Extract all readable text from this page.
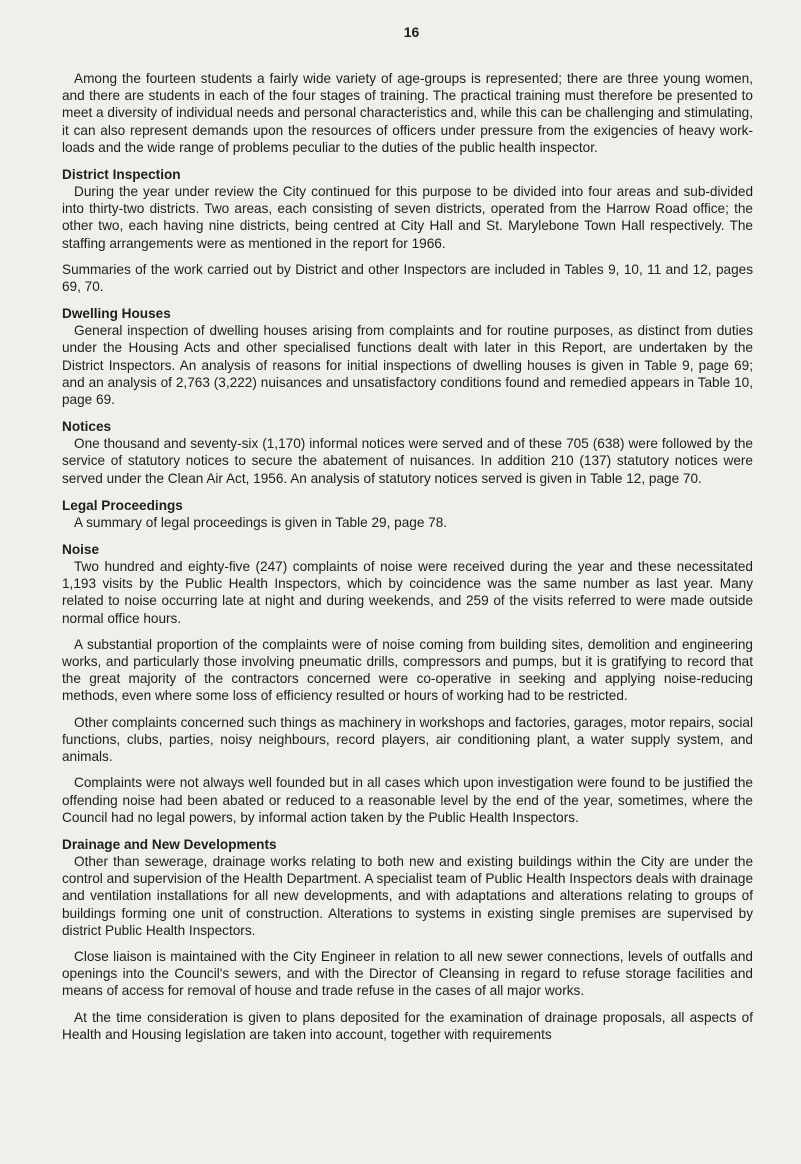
16

Among the fourteen students a fairly wide variety of age-groups is represented; there are three young women, and there are students in each of the four stages of training. The practical training must therefore be presented to meet a diversity of individual needs and personal characteristics and, while this can be challenging and stimulating, it can also represent demands upon the resources of officers under pressure from the exigencies of heavy work-loads and the wide range of problems peculiar to the duties of the public health inspector.

District Inspection

During the year under review the City continued for this purpose to be divided into four areas and sub-divided into thirty-two districts. Two areas, each consisting of seven districts, operated from the Harrow Road office; the other two, each having nine districts, being centred at City Hall and St. Marylebone Town Hall respectively. The staffing arrangements were as mentioned in the report for 1966.

Summaries of the work carried out by District and other Inspectors are included in Tables 9, 10, 11 and 12, pages 69, 70.

Dwelling Houses

General inspection of dwelling houses arising from complaints and for routine purposes, as distinct from duties under the Housing Acts and other specialised functions dealt with later in this Report, are undertaken by the District Inspectors. An analysis of reasons for initial inspections of dwelling houses is given in Table 9, page 69; and an analysis of 2,763 (3,222) nuisances and unsatisfactory conditions found and remedied appears in Table 10, page 69.

Notices

One thousand and seventy-six (1,170) informal notices were served and of these 705 (638) were followed by the service of statutory notices to secure the abatement of nuisances. In addition 210 (137) statutory notices were served under the Clean Air Act, 1956. An analysis of statutory notices served is given in Table 12, page 70.

Legal Proceedings

A summary of legal proceedings is given in Table 29, page 78.

Noise

Two hundred and eighty-five (247) complaints of noise were received during the year and these necessitated 1,193 visits by the Public Health Inspectors, which by coincidence was the same number as last year. Many related to noise occurring late at night and during weekends, and 259 of the visits referred to were made outside normal office hours.

A substantial proportion of the complaints were of noise coming from building sites, demolition and engineering works, and particularly those involving pneumatic drills, compressors and pumps, but it is gratifying to record that the great majority of the contractors concerned were co-operative in seeking and applying noise-reducing methods, even where some loss of efficiency resulted or hours of working had to be restricted.

Other complaints concerned such things as machinery in workshops and factories, garages, motor repairs, social functions, clubs, parties, noisy neighbours, record players, air conditioning plant, a water supply system, and animals.

Complaints were not always well founded but in all cases which upon investigation were found to be justified the offending noise had been abated or reduced to a reasonable level by the end of the year, sometimes, where the Council had no legal powers, by informal action taken by the Public Health Inspectors.

Drainage and New Developments

Other than sewerage, drainage works relating to both new and existing buildings within the City are under the control and supervision of the Health Department. A specialist team of Public Health Inspectors deals with drainage and ventilation installations for all new developments, and with adaptations and alterations relating to groups of buildings forming one unit of construction. Alterations to systems in existing single premises are supervised by district Public Health Inspectors.

Close liaison is maintained with the City Engineer in relation to all new sewer connections, levels of outfalls and openings into the Council's sewers, and with the Director of Cleansing in regard to refuse storage facilities and means of access for removal of house and trade refuse in the cases of all major works.

At the time consideration is given to plans deposited for the examination of drainage proposals, all aspects of Health and Housing legislation are taken into account, together with requirements
